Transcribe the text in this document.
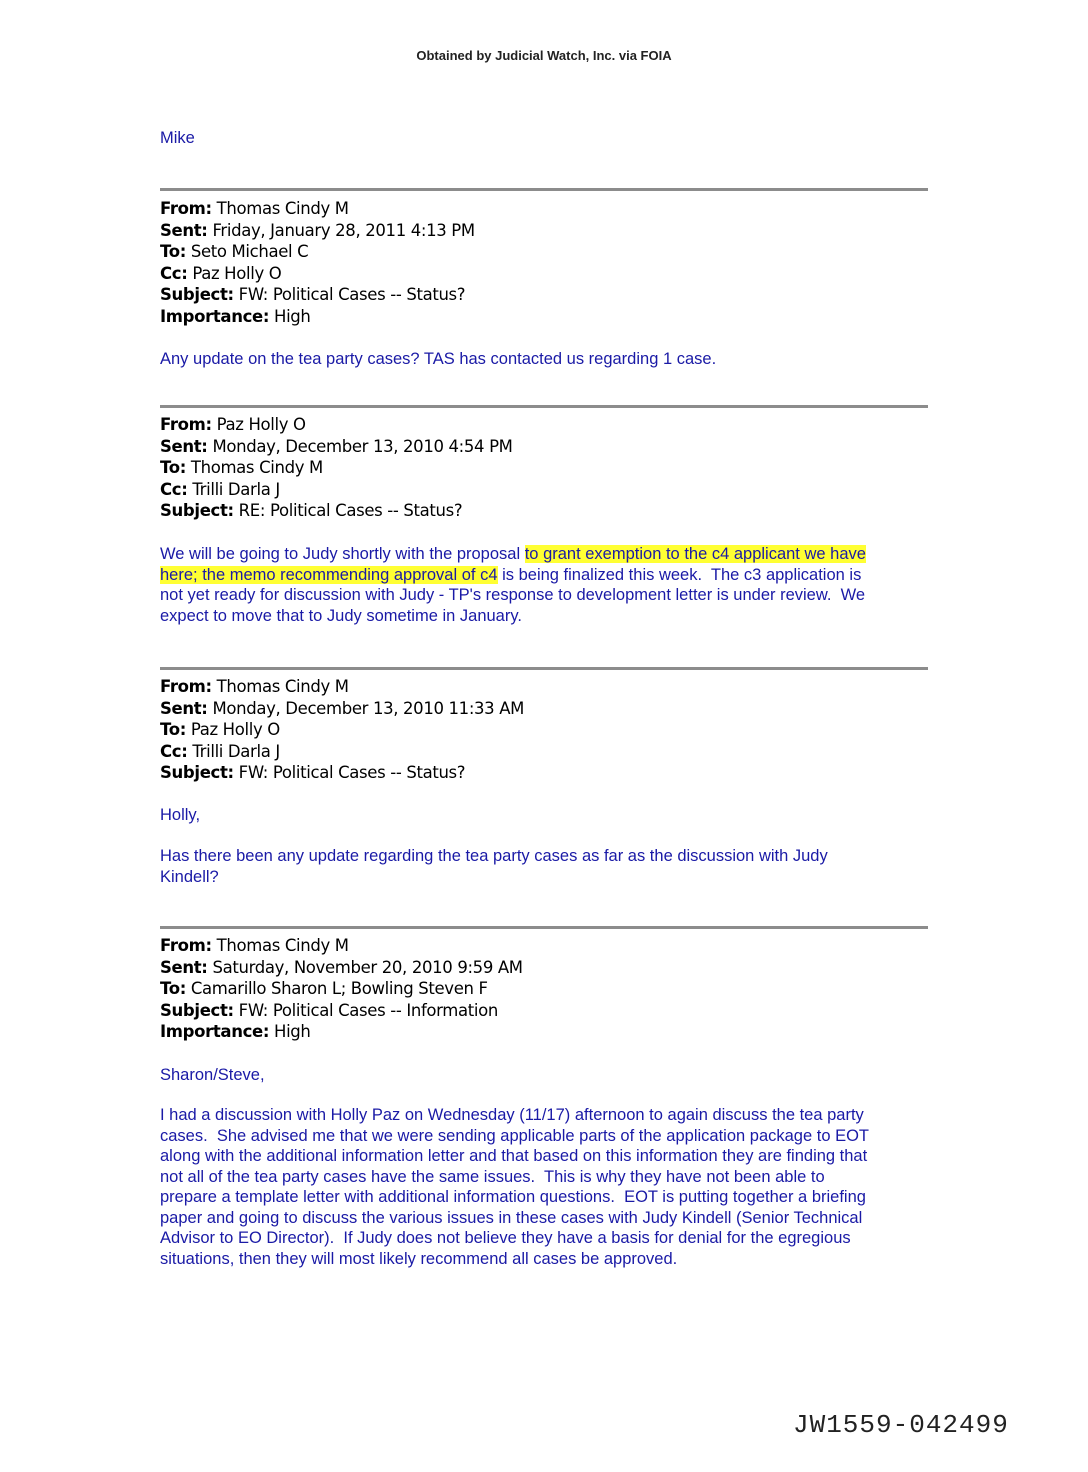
Obtained by Judicial Watch, Inc. via FOIA
Mike
From: Thomas Cindy M
Sent: Friday, January 28, 2011 4:13 PM
To: Seto Michael C
Cc: Paz Holly O
Subject: FW: Political Cases -- Status?
Importance: High
Any update on the tea party cases? TAS has contacted us regarding 1 case.
From: Paz Holly O
Sent: Monday, December 13, 2010 4:54 PM
To: Thomas Cindy M
Cc: Trilli Darla J
Subject: RE: Political Cases -- Status?
We will be going to Judy shortly with the proposal to grant exemption to the c4 applicant we have
here; the memo recommending approval of c4 is being finalized this week.  The c3 application is
not yet ready for discussion with Judy - TP's response to development letter is under review.  We
expect to move that to Judy sometime in January.
From: Thomas Cindy M
Sent: Monday, December 13, 2010 11:33 AM
To: Paz Holly O
Cc: Trilli Darla J
Subject: FW: Political Cases -- Status?
Holly,
Has there been any update regarding the tea party cases as far as the discussion with Judy
Kindell?
From: Thomas Cindy M
Sent: Saturday, November 20, 2010 9:59 AM
To: Camarillo Sharon L; Bowling Steven F
Subject: FW: Political Cases -- Information
Importance: High
Sharon/Steve,
I had a discussion with Holly Paz on Wednesday (11/17) afternoon to again discuss the tea party
cases.  She advised me that we were sending applicable parts of the application package to EOT
along with the additional information letter and that based on this information they are finding that
not all of the tea party cases have the same issues.  This is why they have not been able to
prepare a template letter with additional information questions.  EOT is putting together a briefing
paper and going to discuss the various issues in these cases with Judy Kindell (Senior Technical
Advisor to EO Director).  If Judy does not believe they have a basis for denial for the egregious
situations, then they will most likely recommend all cases be approved.
JW1559-042499
